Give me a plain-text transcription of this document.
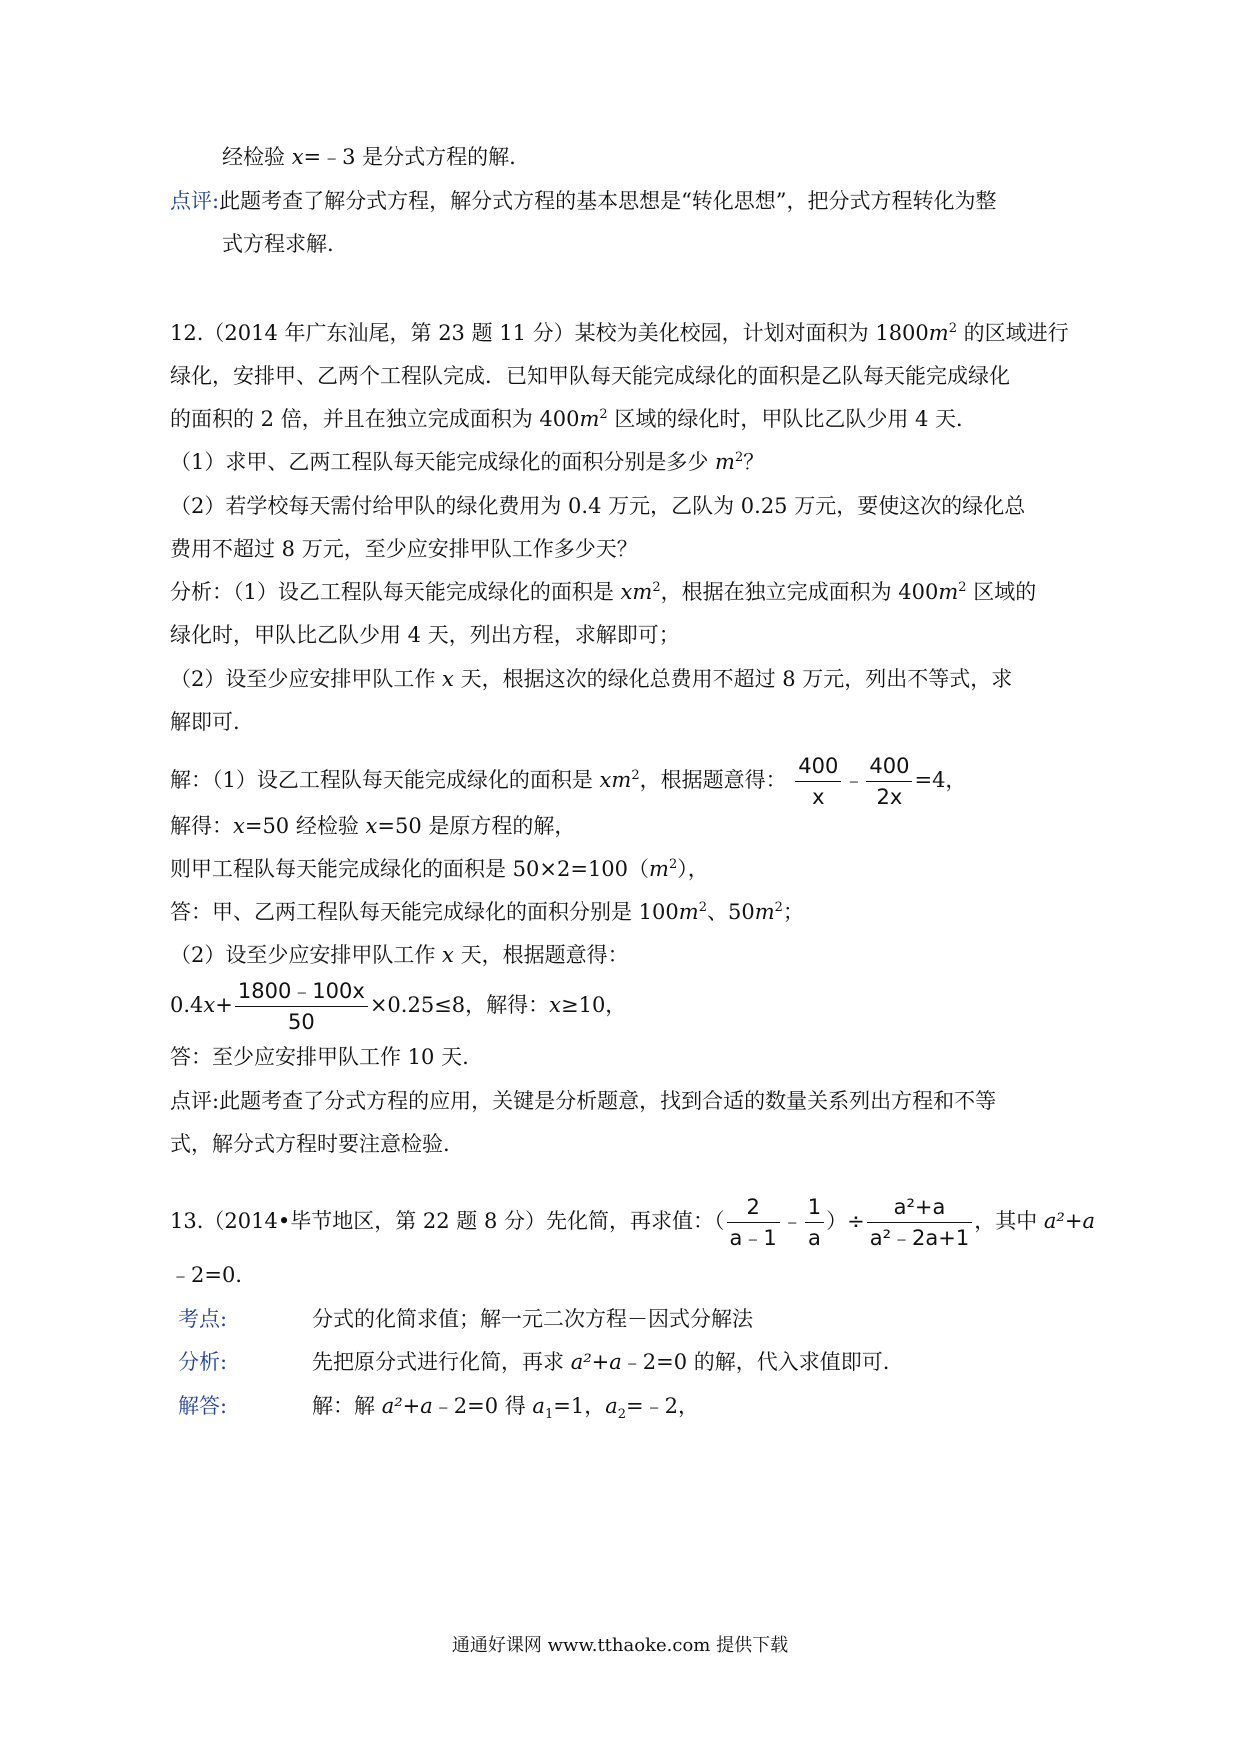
经检验 x=﹣3 是分式方程的解.
点评:此题考查了解分式方程，解分式方程的基本思想是“转化思想”，把分式方程转化为整
式方程求解.
12.（2014 年广东汕尾，第 23 题 11 分）某校为美化校园，计划对面积为 $1800m^2$ 的区域进行
绿化，安排甲、乙两个工程队完成．已知甲队每天能完成绿化的面积是乙队每天能完成绿化
的面积的 2 倍，并且在独立完成面积为 $400m^2$ 区域的绿化时，甲队比乙队少用 4 天．
（1）求甲、乙两工程队每天能完成绿化的面积分别是多少 $m^2$？
（2）若学校每天需付给甲队的绿化费用为 0.4 万元，乙队为 0.25 万元，要使这次的绿化总
费用不超过 8 万元，至少应安排甲队工作多少天？
分析：（1）设乙工程队每天能完成绿化的面积是 $xm^2$，根据在独立完成面积为 $400m^2$ 区域的
绿化时，甲队比乙队少用 4 天，列出方程，求解即可；
（2）设至少应安排甲队工作 x 天，根据这次的绿化总费用不超过 8 万元，列出不等式，求
解即可.
解：（1）设乙工程队每天能完成绿化的面积是 $xm^2$，根据题意得： $\frac{400}{x}$ ﹣ $\frac{400}{2x} =4$，
解得：x=50 经检验 x=50 是原方程的解，
则甲工程队每天能完成绿化的面积是 $50\times 2=100(m^2)$，
答：甲、乙两工程队每天能完成绿化的面积分别是 $100m^2$、$50m^2$；
（2）设至少应安排甲队工作 x 天，根据题意得：
$0.4x+ \frac{1800﹣100x}{50} \times 0.25\le 8$，解得：x≥10，
答：至少应安排甲队工作 10 天.
点评:此题考查了分式方程的应用，关键是分析题意，找到合适的数量关系列出方程和不等
式，解分式方程时要注意检验.
13.（2014•毕节地区，第 22 题 8 分）先化简，再求值：（ $\frac{2}{a﹣1}$ ﹣ $\frac{1}{a}$ ）÷ $\frac{\text{a²+a}}{\text{a²﹣2a+1}}$ ，其中 a²+a
﹣2=0．
考点:	分式的化简求值；解一元二次方程－因式分解法
分析:	先把原分式进行化简，再求 a²+a﹣2=0 的解，代入求值即可.
解答:	解：解 a²+a﹣2=0 得 $a_1=1$，$a_2=﹣2$，
通通好课网 www.tthaoke.com 提供下载
